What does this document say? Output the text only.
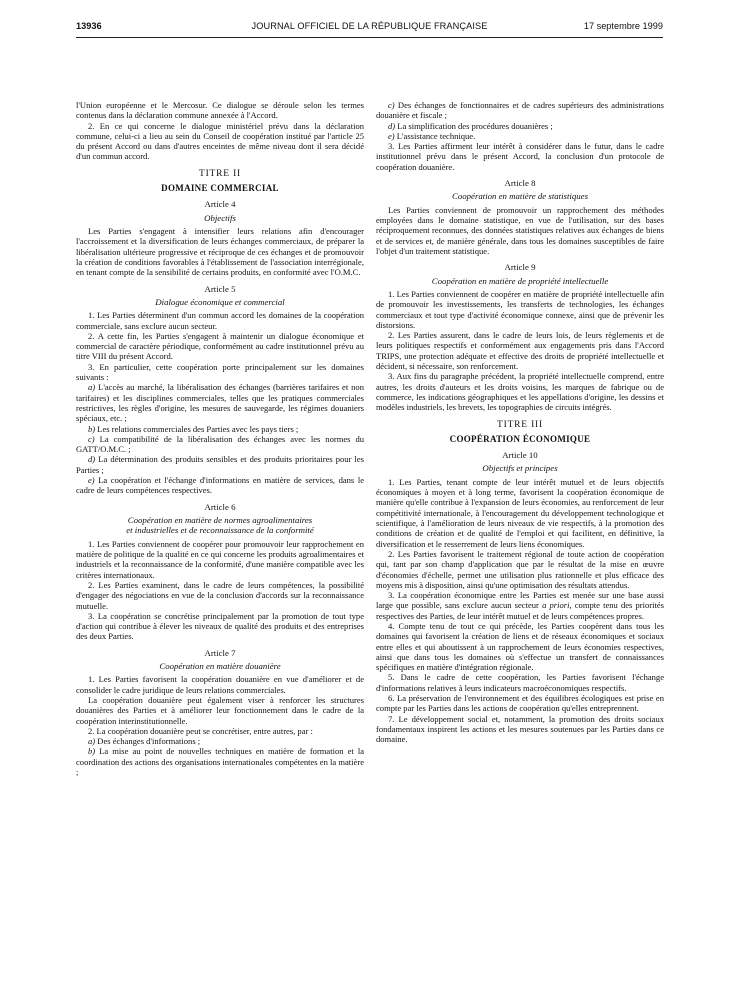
13936	JOURNAL OFFICIEL DE LA RÉPUBLIQUE FRANÇAISE	17 septembre 1999

l'Union européenne et le Mercosur. Ce dialogue se déroule selon les termes contenus dans la déclaration commune annexée à l'Accord.

2. En ce qui concerne le dialogue ministériel prévu dans la déclaration commune, celui-ci a lieu au sein du Conseil de coopération institué par l'article 25 du présent Accord ou dans d'autres enceintes de même niveau dont il sera décidé d'un commun accord.

TITRE II
DOMAINE COMMERCIAL
Article 4
Objectifs

Les Parties s'engagent à intensifier leurs relations afin d'encourager l'accroissement et la diversification de leurs échanges commerciaux, de préparer la libéralisation ultérieure progressive et réciproque de ces échanges et de promouvoir la création de conditions favorables à l'établissement de l'association interrégionale, en tenant compte de la sensibilité de certains produits, en conformité avec l'O.M.C.

Article 5
Dialogue économique et commercial

1. Les Parties déterminent d'un commun accord les domaines de la coopération commerciale, sans exclure aucun secteur.

2. A cette fin, les Parties s'engagent à maintenir un dialogue économique et commercial de caractère périodique, conformément au cadre institutionnel prévu au titre VIII du présent Accord.

3. En particulier, cette coopération porte principalement sur les domaines suivants :

a) L'accès au marché, la libéralisation des échanges (barrières tarifaires et non tarifaires) et les disciplines commerciales, telles que les pratiques commerciales restrictives, les règles d'origine, les mesures de sauvegarde, les régimes douaniers spéciaux, etc. ;

b) Les relations commerciales des Parties avec les pays tiers ;

c) La compatibilité de la libéralisation des échanges avec les normes du GATT/O.M.C. ;

d) La détermination des produits sensibles et des produits prioritaires pour les Parties ;

e) La coopération et l'échange d'informations en matière de services, dans le cadre de leurs compétences respectives.

Article 6
Coopération en matière de normes agroalimentaires
et industrielles et de reconnaissance de la conformité

1. Les Parties conviennent de coopérer pour promouvoir leur rapprochement en matière de politique de la qualité en ce qui concerne les produits agroalimentaires et industriels et la reconnaissance de la conformité, d'une manière compatible avec les critères internationaux.

2. Les Parties examinent, dans le cadre de leurs compétences, la possibilité d'engager des négociations en vue de la conclusion d'accords sur la reconnaissance mutuelle.

3. La coopération se concrétise principalement par la promotion de tout type d'action qui contribue à élever les niveaux de qualité des produits et des entreprises des deux Parties.

Article 7
Coopération en matière douanière

1. Les Parties favorisent la coopération douanière en vue d'améliorer et de consolider le cadre juridique de leurs relations commerciales.

La coopération douanière peut également viser à renforcer les structures douanières des Parties et à améliorer leur fonctionnement dans le cadre de la coopération interinstitutionnelle.

2. La coopération douanière peut se concrétiser, entre autres, par :

a) Des échanges d'informations ;

b) La mise au point de nouvelles techniques en matière de formation et la coordination des actions des organisations internationales compétentes en la matière ;

c) Des échanges de fonctionnaires et de cadres supérieurs des administrations douanière et fiscale ;

d) La simplification des procédures douanières ;

e) L'assistance technique.

3. Les Parties affirment leur intérêt à considérer dans le futur, dans le cadre institutionnel prévu dans le présent Accord, la conclusion d'un protocole de coopération douanière.

Article 8
Coopération en matière de statistiques

Les Parties conviennent de promouvoir un rapprochement des méthodes employées dans le domaine statistique, en vue de l'utilisation, sur des bases réciproquement reconnues, des données statistiques relatives aux échanges de biens et de services et, de manière générale, dans tous les domaines susceptibles de faire l'objet d'un traitement statistique.

Article 9
Coopération en matière de propriété intellectuelle

1. Les Parties conviennent de coopérer en matière de propriété intellectuelle afin de promouvoir les investissements, les transferts de technologies, les échanges commerciaux et tout type d'activité économique connexe, ainsi que de prévenir les distorsions.

2. Les Parties assurent, dans le cadre de leurs lois, de leurs règlements et de leurs politiques respectifs et conformément aux engagements pris dans l'Accord TRIPS, une protection adéquate et effective des droits de propriété intellectuelle et décident, si nécessaire, son renforcement.

3. Aux fins du paragraphe précédent, la propriété intellectuelle comprend, entre autres, les droits d'auteurs et les droits voisins, les marques de fabrique ou de commerce, les indications géographiques et les appellations d'origine, les dessins et modèles industriels, les brevets, les topographies de circuits intégrés.

TITRE III
COOPÉRATION ÉCONOMIQUE
Article 10
Objectifs et principes

1. Les Parties, tenant compte de leur intérêt mutuel et de leurs objectifs économiques à moyen et à long terme, favorisent la coopération économique de manière qu'elle contribue à l'expansion de leurs économies, au renforcement de leur compétitivité internationale, à l'encouragement du développement technologique et scientifique, à l'amélioration de leurs niveaux de vie respectifs, à la promotion des conditions de création et de qualité de l'emploi et qui facilitent, en définitive, la diversification et le resserrement de leurs liens économiques.

2. Les Parties favorisent le traitement régional de toute action de coopération qui, tant par son champ d'application que par le résultat de la mise en œuvre d'économies d'échelle, permet une utilisation plus rationnelle et plus efficace des moyens mis à disposition, ainsi qu'une optimisation des résultats attendus.

3. La coopération économique entre les Parties est menée sur une base aussi large que possible, sans exclure aucun secteur a priori, compte tenu des priorités respectives des Parties, de leur intérêt mutuel et de leurs compétences propres.

4. Compte tenu de tout ce qui précède, les Parties coopèrent dans tous les domaines qui favorisent la création de liens et de réseaux économiques et sociaux entre elles et qui aboutissent à un rapprochement de leurs économies respectives, ainsi que dans tous les domaines où s'effectue un transfert de connaissances spécifiques en matière d'intégration régionale.

5. Dans le cadre de cette coopération, les Parties favorisent l'échange d'informations relatives à leurs indicateurs macroéconomiques respectifs.

6. La préservation de l'environnement et des équilibres écologiques est prise en compte par les Parties dans les actions de coopération qu'elles entreprennent.

7. Le développement social et, notamment, la promotion des droits sociaux fondamentaux inspirent les actions et les mesures soutenues par les Parties dans ce domaine.
